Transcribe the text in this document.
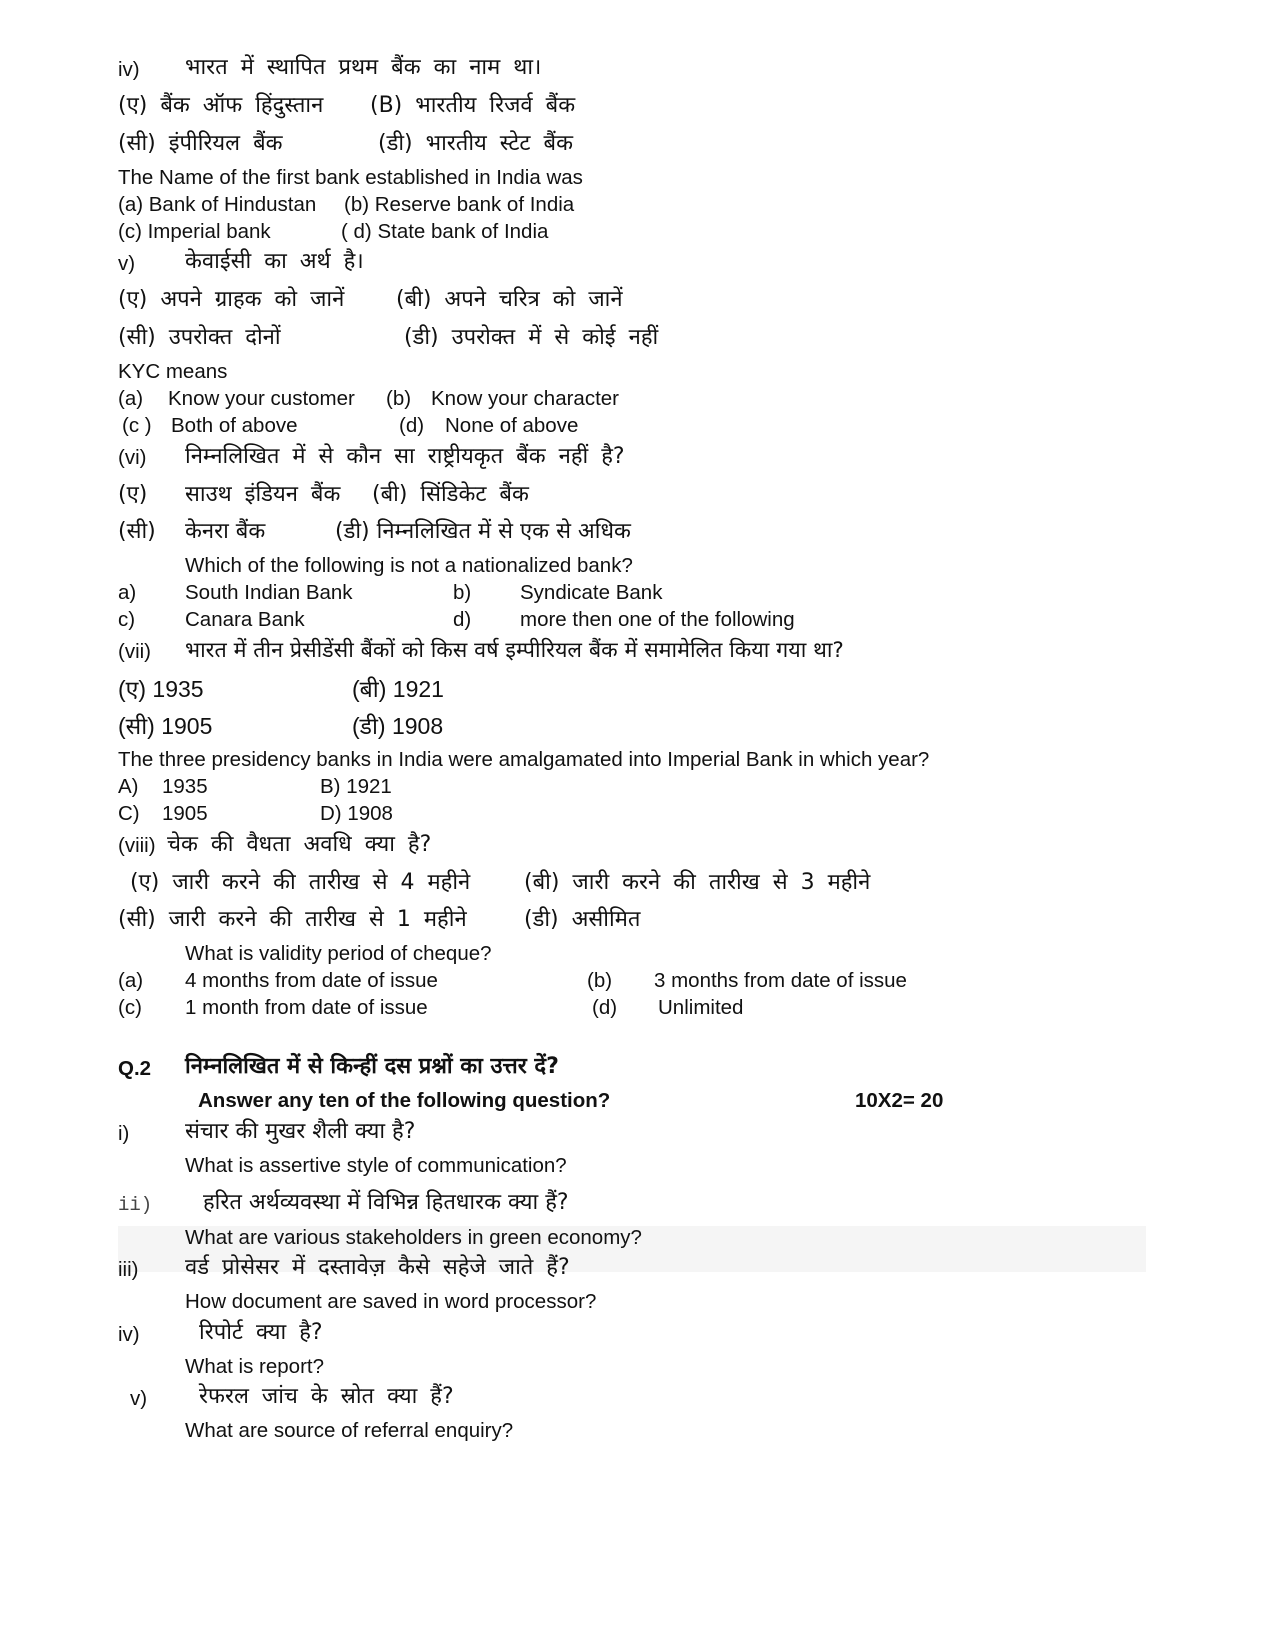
iv) भारत में स्थापित प्रथम बैंक का नाम था।
(ए) बैंक ऑफ हिंदुस्तान (B) भारतीय रिजर्व बैंक
(सी) इंपीरियल बैंक	(डी) भारतीय स्टेट बैंक
The Name of the first bank established in India was
(a) Bank of Hindustan (b) Reserve bank of India
(c) Imperial bank	( d) State bank of India
v) केवाईसी का अर्थ है।
(ए) अपने ग्राहक को जानें (बी) अपने चरित्र को जानें
(सी) उपरोक्त दोनों	(डी) उपरोक्त में से कोई नहीं
KYC means
(a) Know your customer (b) Know your character
(c ) Both of above	(d) None of above
(vi) निम्नलिखित में से कौन सा राष्ट्रीयकृत बैंक नहीं है?
(ए) साउथ इंडियन बैंक (बी) सिंडिकेट बैंक
(सी) केनरा बैंक	(डी) निम्नलिखित में से एक से अधिक
Which of the following is not a nationalized bank?
a) South Indian Bank	b) Syndicate Bank
c) Canara Bank	d) more then one of the following
(vii) भारत में तीन प्रेसीडेंसी बैंकों को किस वर्ष इम्पीरियल बैंक में समामेलित किया गया था?
(ए) 1935	(बी) 1921
(सी) 1905	(डी) 1908
The three presidency banks in India were amalgamated into Imperial Bank in which year?
A) 1935	B) 1921
C) 1905	D) 1908
(viii) चेक की वैधता अवधि क्या है?
(ए) जारी करने की तारीख से 4 महीने (बी) जारी करने की तारीख से 3 महीने
(सी) जारी करने की तारीख से 1 महीने	(डी) असीमित
What is validity period of cheque?
(a) 4 months from date of issue	(b) 3 months from date of issue
(c) 1 month from date of issue	(d) Unlimited
Q.2 निम्नलिखित में से किन्हीं दस प्रश्नों का उत्तर दें?
Answer any ten of the following question?	10X2= 20
i)	संचार की मुखर शैली क्या है?
What is assertive style of communication?
ii) हरित अर्थव्यवस्था में विभिन्न हितधारक क्या हैं?
What are various stakeholders in green economy?
iii) वर्ड प्रोसेसर में दस्तावेज़ कैसे सहेजे जाते हैं?
How document are saved in word processor?
iv)	रिपोर्ट क्या है?
What is report?
v) रेफरल जांच के स्रोत क्या हैं?
What are source of referral enquiry?
